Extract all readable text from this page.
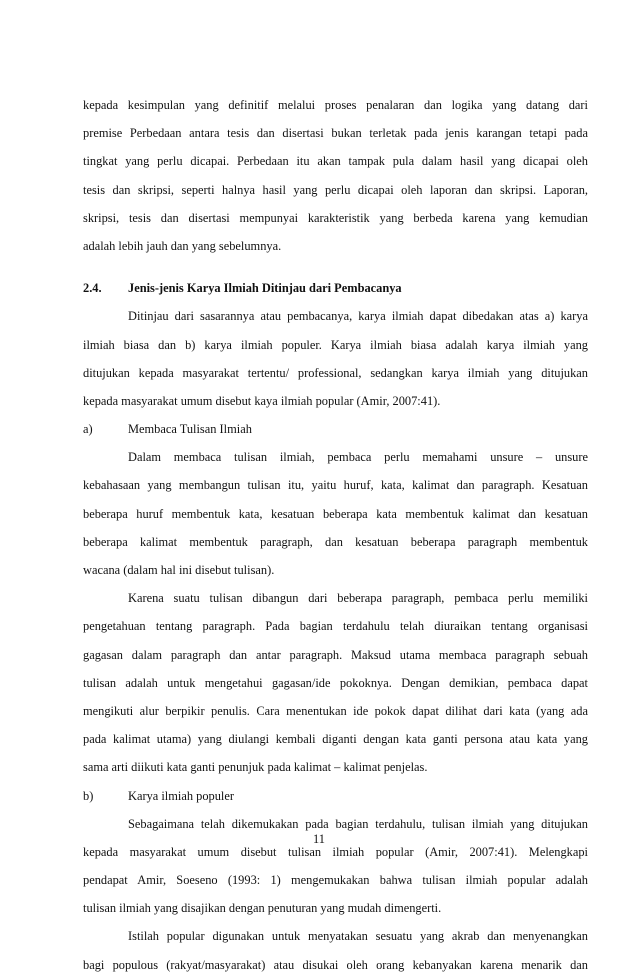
kepada kesimpulan yang definitif melalui proses penalaran dan logika yang datang dari
premise Perbedaan antara tesis dan disertasi bukan terletak pada jenis karangan tetapi pada
tingkat yang perlu dicapai. Perbedaan itu akan tampak pula dalam hasil yang dicapai oleh
tesis dan skripsi, seperti halnya hasil yang perlu dicapai oleh laporan dan skripsi. Laporan,
skripsi, tesis dan disertasi mempunyai karakteristik yang berbeda karena yang kemudian
adalah lebih jauh dan yang sebelumnya.
2.4. Jenis-jenis Karya Ilmiah Ditinjau dari Pembacanya
Ditinjau dari sasarannya atau pembacanya, karya ilmiah dapat dibedakan atas a) karya
ilmiah biasa dan b) karya ilmiah populer. Karya ilmiah biasa adalah karya ilmiah yang
ditujukan kepada masyarakat tertentu/ professional, sedangkan karya ilmiah yang ditujukan
kepada masyarakat umum disebut kaya ilmiah popular (Amir, 2007:41).
a)	Membaca Tulisan Ilmiah
Dalam membaca tulisan ilmiah, pembaca perlu memahami unsure – unsure
kebahasaan yang membangun tulisan itu, yaitu huruf, kata, kalimat dan paragraph. Kesatuan
beberapa huruf membentuk kata, kesatuan beberapa kata membentuk kalimat dan kesatuan
beberapa kalimat membentuk paragraph, dan kesatuan beberapa paragraph membentuk
wacana (dalam hal ini disebut tulisan).
Karena suatu tulisan dibangun dari beberapa paragraph, pembaca perlu memiliki
pengetahuan tentang paragraph. Pada bagian terdahulu telah diuraikan tentang organisasi
gagasan dalam paragraph dan antar paragraph. Maksud utama membaca paragraph sebuah
tulisan adalah untuk mengetahui gagasan/ide pokoknya. Dengan demikian, pembaca dapat
mengikuti alur berpikir penulis. Cara menentukan ide pokok dapat dilihat dari kata (yang ada
pada kalimat utama) yang diulangi kembali diganti dengan kata ganti persona atau kata yang
sama arti diikuti kata ganti penunjuk pada kalimat – kalimat penjelas.
b)	Karya ilmiah populer
Sebagaimana telah dikemukakan pada bagian terdahulu, tulisan ilmiah yang ditujukan
kepada masyarakat umum disebut tulisan ilmiah popular (Amir, 2007:41). Melengkapi
pendapat Amir, Soeseno (1993: 1) mengemukakan bahwa tulisan ilmiah popular adalah
tulisan ilmiah yang disajikan dengan penuturan yang mudah dimengerti.
Istilah popular digunakan untuk menyatakan sesuatu yang akrab dan menyenangkan
bagi populous (rakyat/masyarakat) atau disukai oleh orang kebanyakan karena menarik dan
11
